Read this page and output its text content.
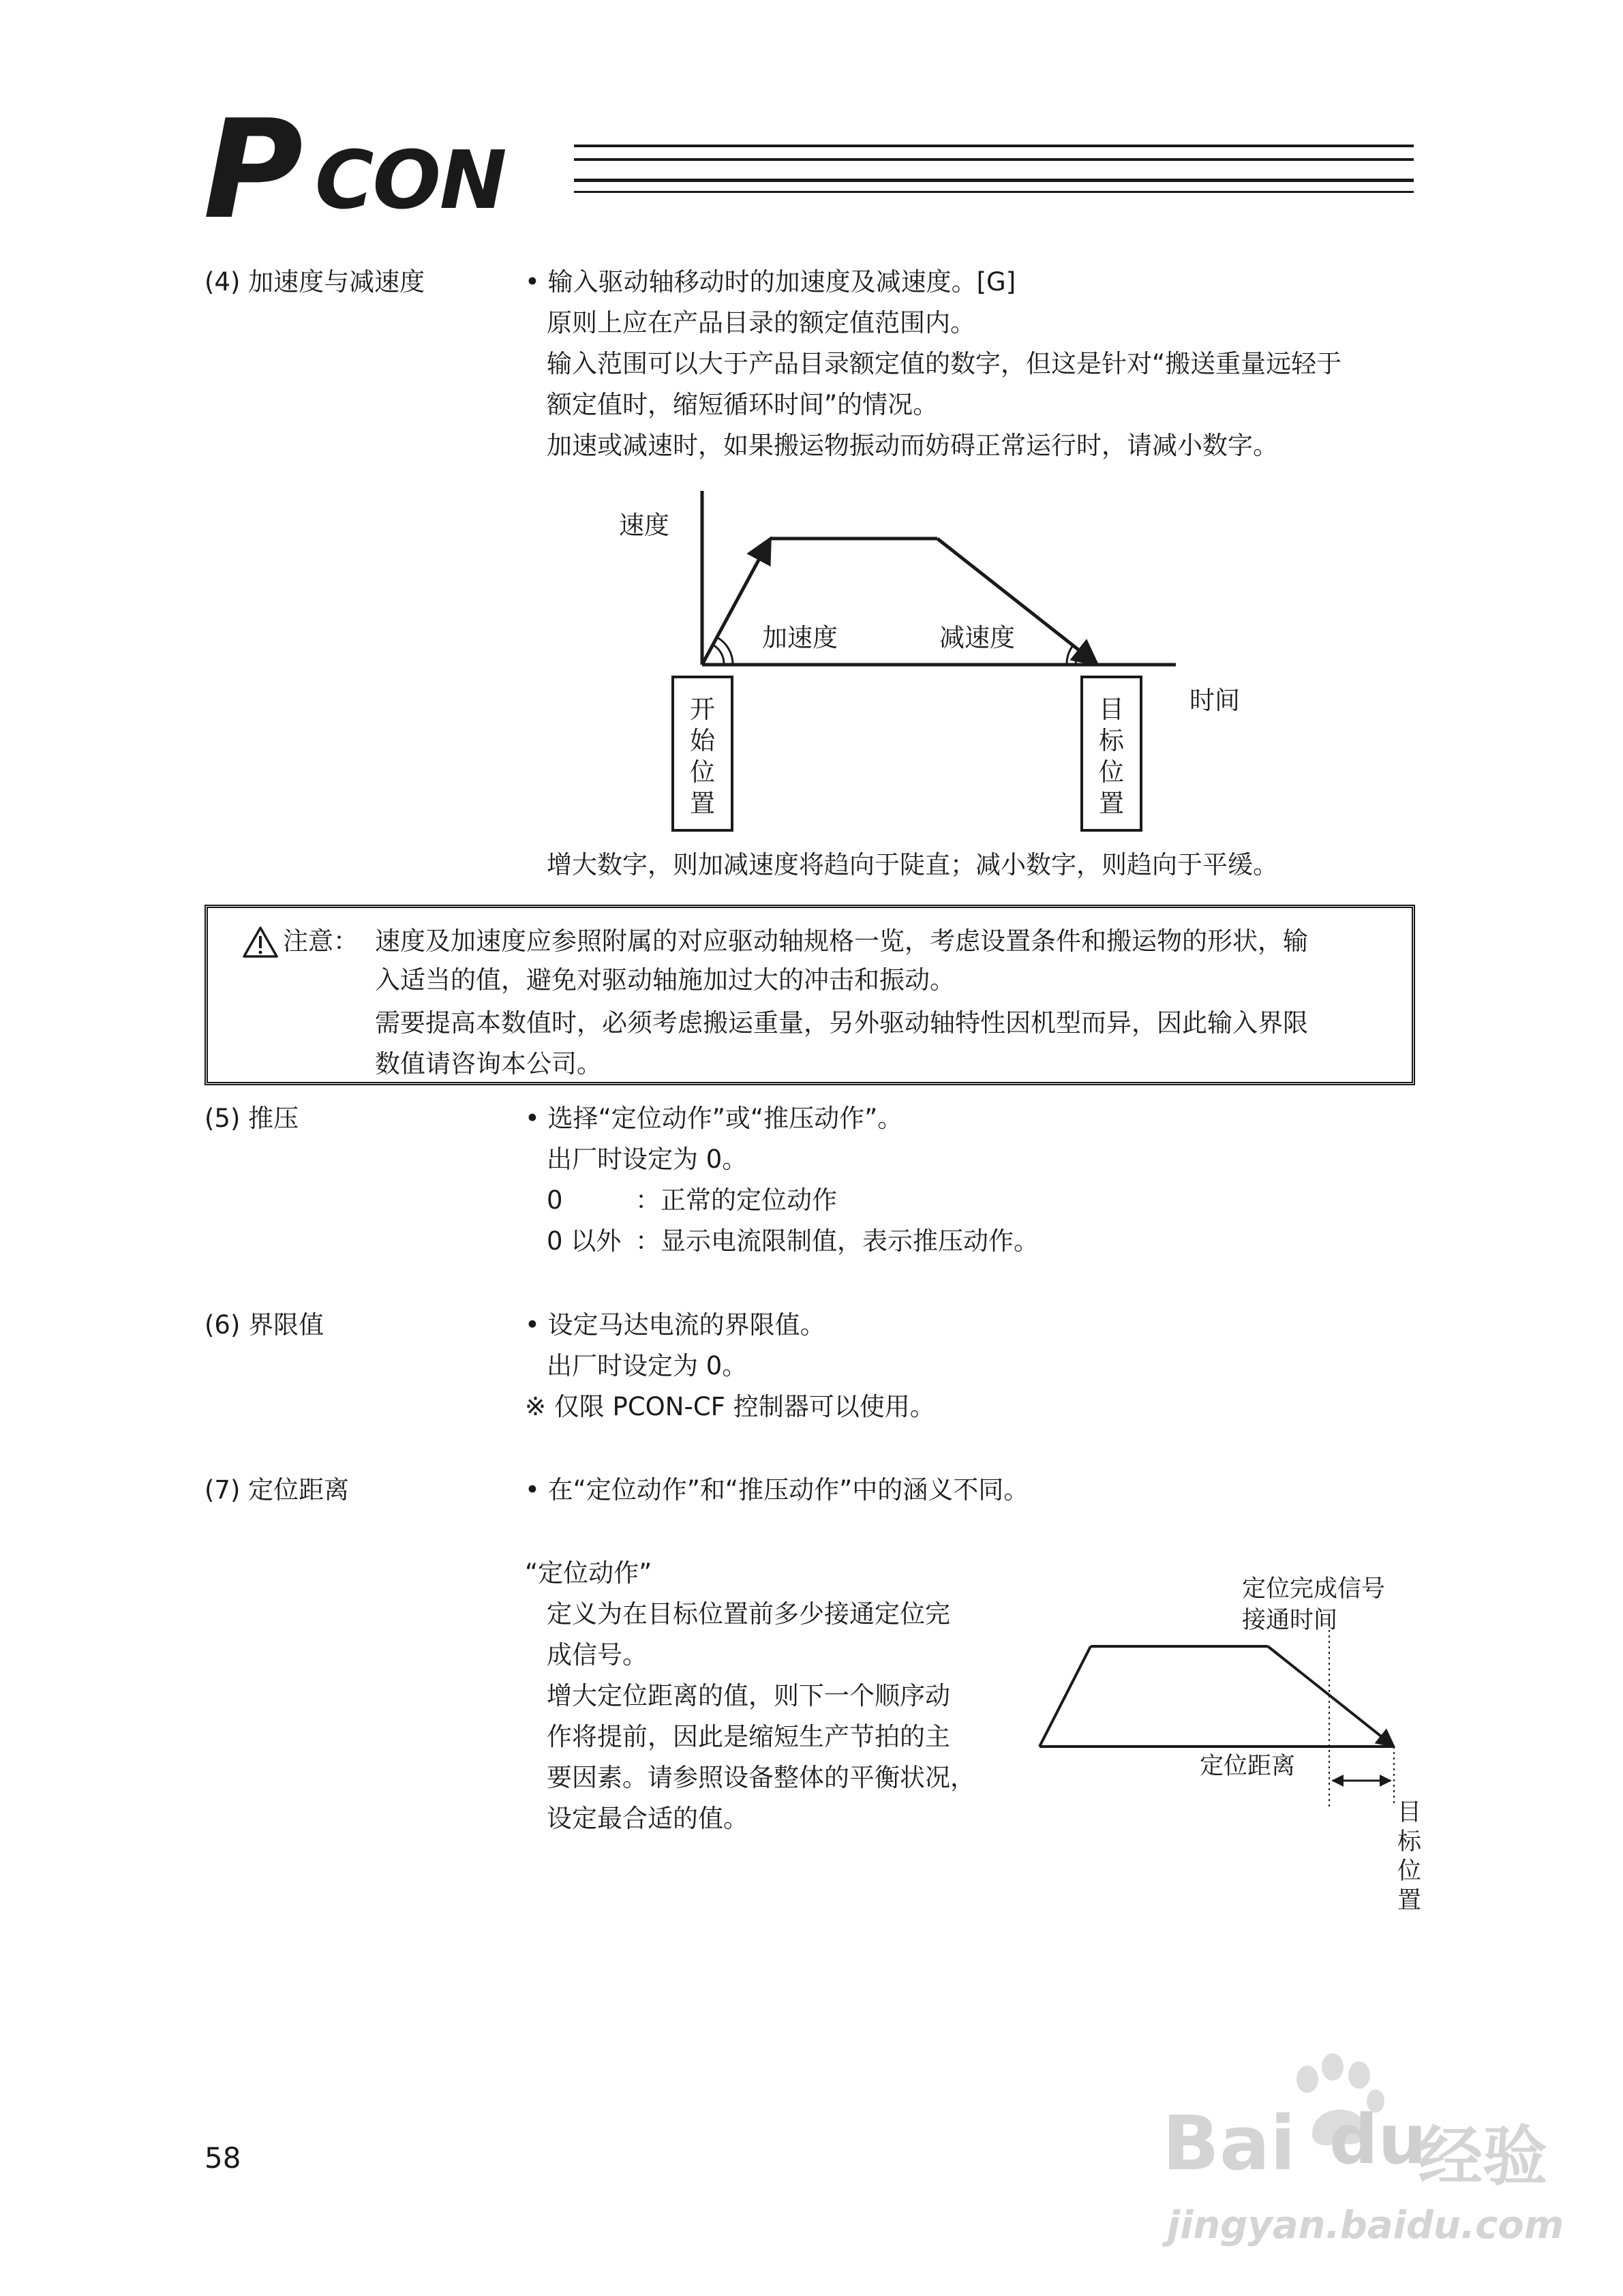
P CON
(4) 加速度与减速度	• 输入驱动轴移动时的加速度及减速度。[G]
原则上应在产品目录的额定值范围内。
输入范围可以大于产品目录额定值的数字，但这是针对“搬送重量远轻于
额定值时，缩短循环时间”的情况。
加速或减速时，如果搬运物振动而妨碍正常运行时，请减小数字。
速度
时间
加速度	减速度
开
始
位
置
目
标
位
置
增大数字，则加减速度将趋向于陡直；减小数字，则趋向于平缓。
注意： 速度及加速度应参照附属的对应驱动轴规格一览，考虑设置条件和搬运物的形状，输
入适当的值，避免对驱动轴施加过大的冲击和振动。
需要提高本数值时，必须考虑搬运重量，另外驱动轴特性因机型而异，因此输入界限
数值请咨询本公司。
(5) 推压	• 选择“定位动作”或“推压动作”。
出厂时设定为 0。
0	：正常的定位动作
0 以外 ：显示电流限制值，表示推压动作。
(6) 界限值	• 设定马达电流的界限值。
出厂时设定为 0。
※ 仅限 PCON-CF 控制器可以使用。
(7) 定位距离	• 在“定位动作”和“推压动作”中的涵义不同。
“定位动作”
定义为在目标位置前多少接通定位完
成信号。
增大定位距离的值，则下一个顺序动
作将提前，因此是缩短生产节拍的主
要因素。请参照设备整体的平衡状况，
设定最合适的值。
定位完成信号
接通时间
定位距离
目
标
位
置
58	Bai du
经验
jingyan.baidu.com
